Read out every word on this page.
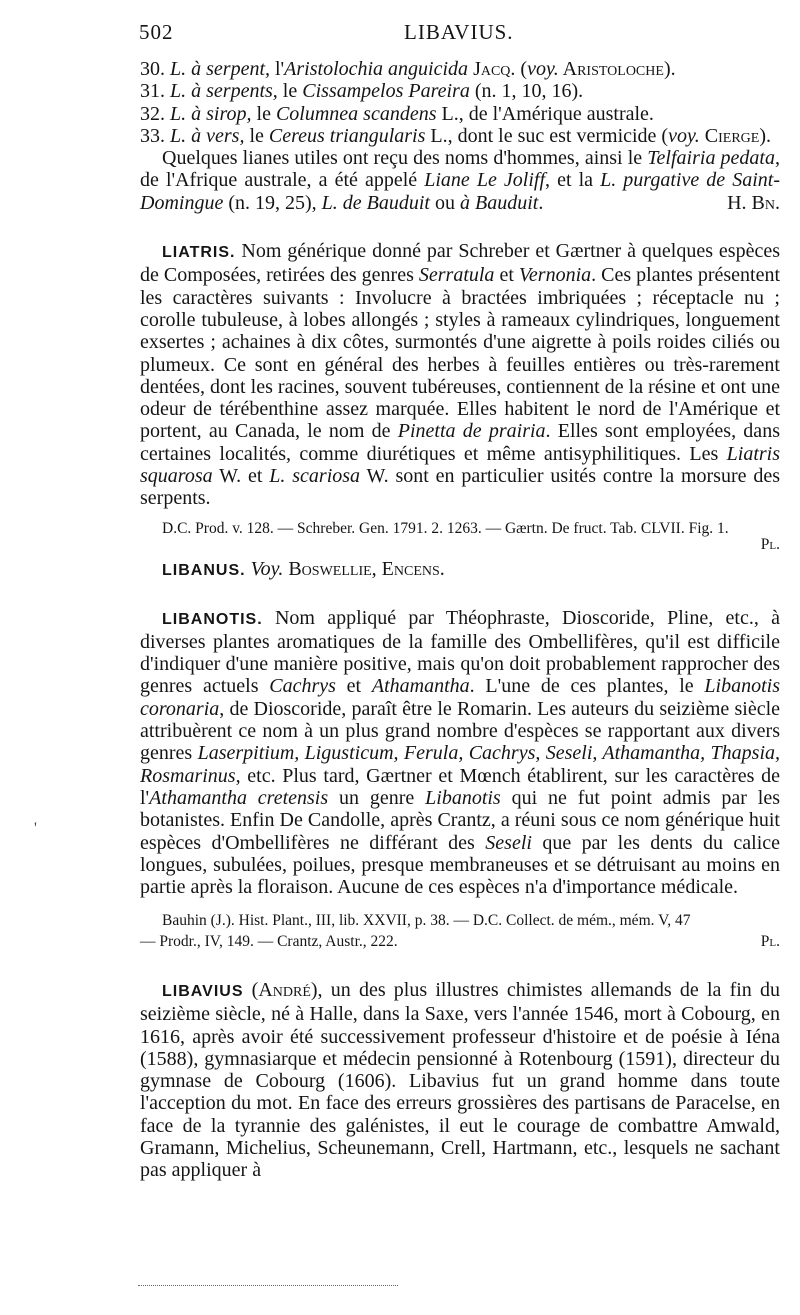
502	LIBAVIUS.
'

30. L. à serpent, l'Aristolochia anguicida Jacq. (voy. Aristoloche).

31. L. à serpents, le Cissampelos Pareira (n. 1, 10, 16).

32. L. à sirop, le Columnea scandens L., de l'Amérique australe.

33. L. à vers, le Cereus triangularis L., dont le suc est vermicide (voy. Cierge).

Quelques lianes utiles ont reçu des noms d'hommes, ainsi le Telfairia pedata, de l'Afrique australe, a été appelé Liane Le Joliff, et la L. purgative de Saint-Domingue (n. 19, 25), L. de Bauduit ou à Bauduit.	H. Bn.

LIATRIS. Nom générique donné par Schreber et Gærtner à quelques espèces de Composées, retirées des genres Serratula et Vernonia. Ces plantes présentent les caractères suivants : Involucre à bractées imbriquées ; réceptacle nu ; corolle tubuleuse, à lobes allongés ; styles à rameaux cylindriques, longuement exsertes ; achaines à dix côtes, surmontés d'une aigrette à poils roides ciliés ou plumeux. Ce sont en général des herbes à feuilles entières ou très-rarement dentées, dont les racines, souvent tubéreuses, contiennent de la résine et ont une odeur de térébenthine assez marquée. Elles habitent le nord de l'Amérique et portent, au Canada, le nom de Pinetta de prairia. Elles sont employées, dans certaines localités, comme diurétiques et même antisyphilitiques. Les Liatris squarosa W. et L. scariosa W. sont en particulier usités contre la morsure des serpents.

D.C. Prod. v. 128. — Schreber. Gen. 1791. 2. 1263. — Gærtn. De fruct. Tab. CLVII. Fig. 1.

Pl.

LIBANUS. Voy. Boswellie, Encens.

LIBANOTIS. Nom appliqué par Théophraste, Dioscoride, Pline, etc., à diverses plantes aromatiques de la famille des Ombellifères, qu'il est difficile d'indiquer d'une manière positive, mais qu'on doit probablement rapprocher des genres actuels Cachrys et Athamantha. L'une de ces plantes, le Libanotis coronaria, de Dioscoride, paraît être le Romarin. Les auteurs du seizième siècle attribuèrent ce nom à un plus grand nombre d'espèces se rapportant aux divers genres Laserpitium, Ligusticum, Ferula, Cachrys, Seseli, Athamantha, Thapsia, Rosmarinus, etc. Plus tard, Gærtner et Mœnch établirent, sur les caractères de l'Athamantha cretensis un genre Libanotis qui ne fut point admis par les botanistes. Enfin De Candolle, après Crantz, a réuni sous ce nom générique huit espèces d'Ombellifères ne différant des Seseli que par les dents du calice longues, subulées, poilues, presque membraneuses et se détruisant au moins en partie après la floraison. Aucune de ces espèces n'a d'importance médicale.

Bauhin (J.). Hist. Plant., III, lib. XXVII, p. 38. — D.C. Collect. de mém., mém. V, 47

— Prodr., IV, 149. — Crantz, Austr., 222.	Pl.

LIBAVIUS (André), un des plus illustres chimistes allemands de la fin du seizième siècle, né à Halle, dans la Saxe, vers l'année 1546, mort à Cobourg, en 1616, après avoir été successivement professeur d'histoire et de poésie à Iéna (1588), gymnasiarque et médecin pensionné à Rotenbourg (1591), directeur du gymnase de Cobourg (1606). Libavius fut un grand homme dans toute l'acception du mot. En face des erreurs grossières des partisans de Paracelse, en face de la tyrannie des galénistes, il eut le courage de combattre Amwald, Gramann, Michelius, Scheunemann, Crell, Hartmann, etc., lesquels ne sachant pas appliquer à
